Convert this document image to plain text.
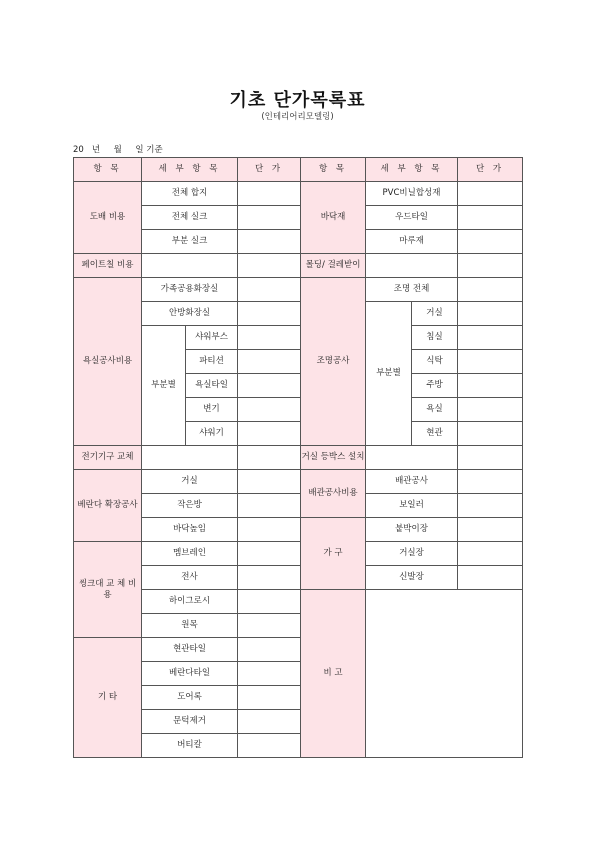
기초 단가목록표
(인테리어리모델링)
20   년     월     일 기준
항 목	세 부 항 목		단 가	항 목	세 부 항 목		단 가
도배 비용	전체 합지			바닥재	PVC비닐합성재		
	전체 실크				우드타일		
	부분 실크				마루재		
페이트칠 비용				몰딩/ 걸레받이			
욕실공사비용	가족공용화장실			조명공사	조명 전체		
	안방화장실				부분별	거실	
	부분별	샤워부스				침실	
		파티션				식탁	
		욕실타일				주방	
		변기				욕실	
		샤워기				현관	
전기기구 교체				거실 등박스 설치			
베란다 확장공사	거실			배관공사비용	배관공사		
	작은방				보일러		
	바닥높임			가 구	붙박이장		
씽크대 교 체 비 용	멤브레인				거실장		
	전사				신발장		
	하이그로시			비 고			
	원목						
기 타	현관타일						
	베란다타일						
	도어록						
	문턱제거						
	버티칼						
